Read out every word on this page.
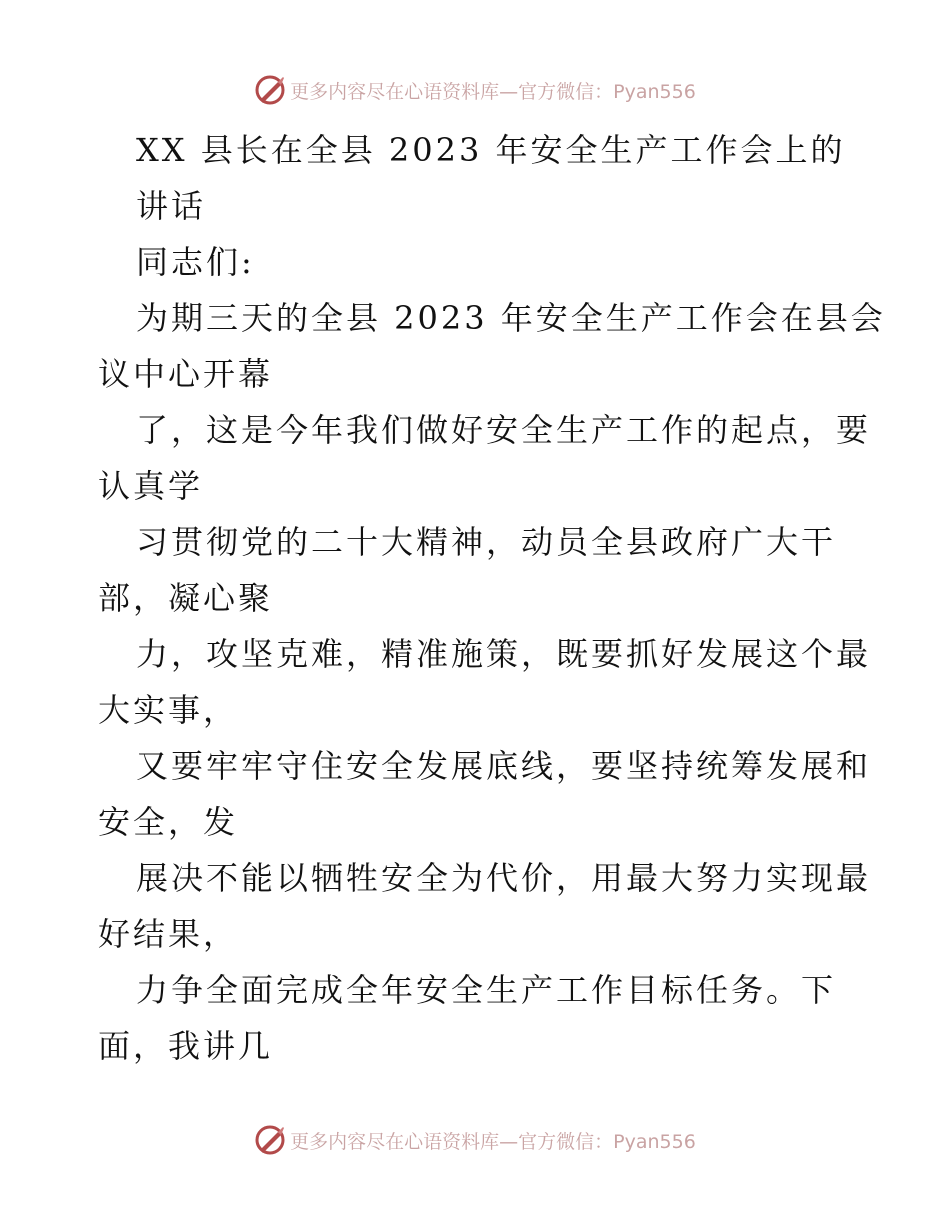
更多内容尽在心语资料库—官方微信：Pyan556
XX 县长在全县 2023 年安全生产工作会上的
讲话
同志们:
为期三天的全县 2023 年安全生产工作会在县会
议中心开幕
了，这是今年我们做好安全生产工作的起点，要
认真学
习贯彻党的二十大精神，动员全县政府广大干
部，凝心聚
力，攻坚克难，精准施策，既要抓好发展这个最
大实事，
又要牢牢守住安全发展底线，要坚持统筹发展和
安全，发
展决不能以牺牲安全为代价，用最大努力实现最
好结果，
力争全面完成全年安全生产工作目标任务。下
面，我讲几
更多内容尽在心语资料库—官方微信：Pyan556
